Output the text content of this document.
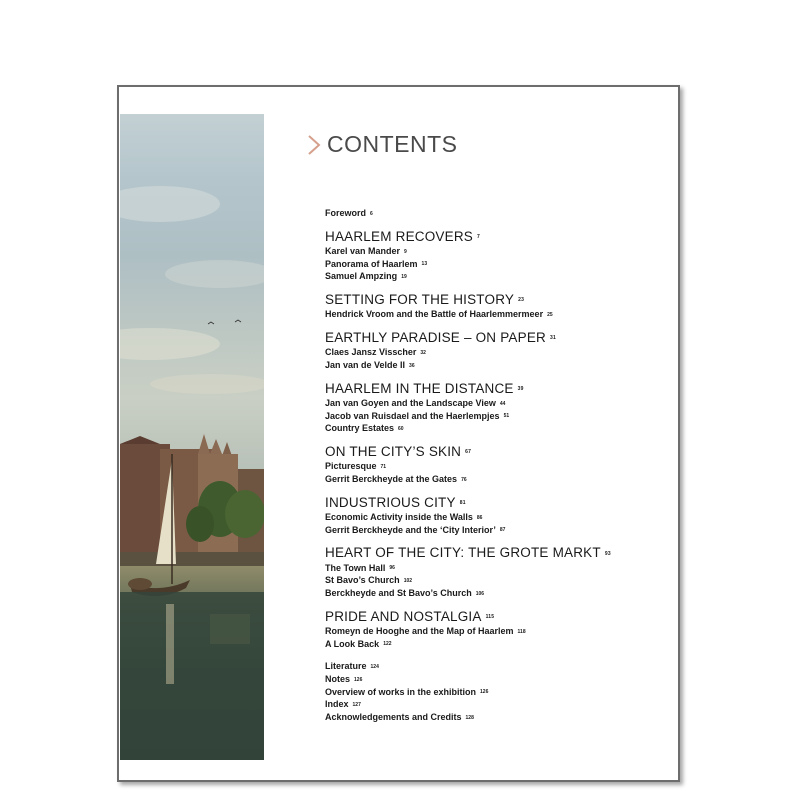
CONTENTS
Foreword 6
HAARLEM RECOVERS 7
Karel van Mander 9
Panorama of Haarlem 13
Samuel Ampzing 19
SETTING FOR THE HISTORY 23
Hendrick Vroom and the Battle of Haarlemmermeer 25
EARTHLY PARADISE – ON PAPER 31
Claes Jansz Visscher 32
Jan van de Velde II 36
HAARLEM IN THE DISTANCE 39
Jan van Goyen and the Landscape View 44
Jacob van Ruisdael and the Haerlempjes 51
Country Estates 60
ON THE CITY’S SKIN 67
Picturesque 71
Gerrit Berckheyde at the Gates 76
INDUSTRIOUS CITY 81
Economic Activity inside the Walls 86
Gerrit Berckheyde and the ‘City Interior’ 87
HEART OF THE CITY: THE GROTE MARKT 93
The Town Hall 96
St Bavo’s Church 102
Berckheyde and St Bavo’s Church 106
PRIDE AND NOSTALGIA 115
Romeyn de Hooghe and the Map of Haarlem 118
A Look Back 122
Literature 124
Notes 126
Overview of works in the exhibition 126
Index 127
Acknowledgements and Credits 128
